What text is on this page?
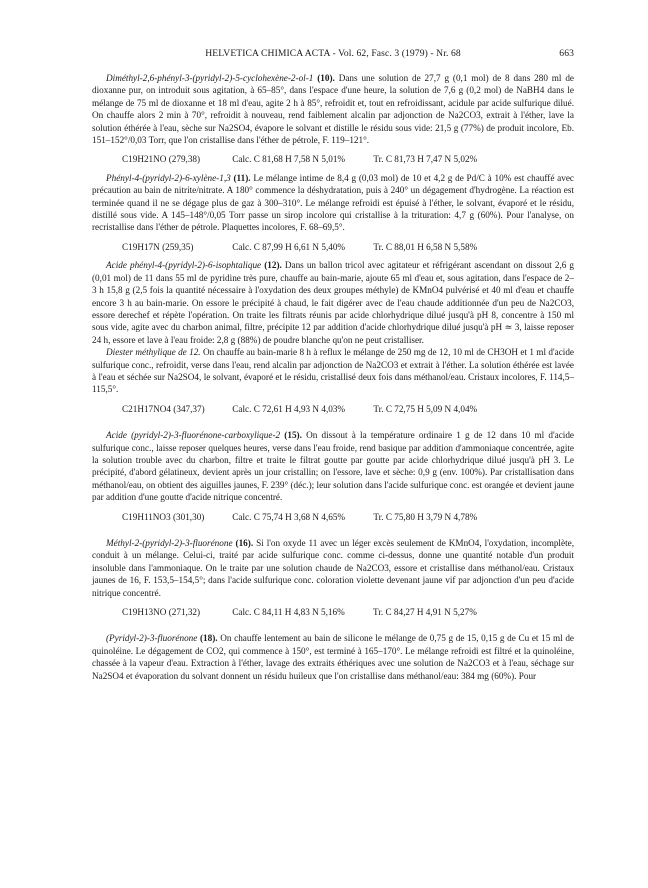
HELVETICA CHIMICA ACTA - Vol. 62, Fasc. 3 (1979) - Nr. 68	663

Diméthyl-2,6-phényl-3-(pyridyl-2)-5-cyclohexène-2-ol-1 (10). Dans une solution de 27,7 g (0,1 mol) de 8 dans 280 ml de dioxanne pur, on introduit sous agitation, à 65–85°, dans l'espace d'une heure, la solution de 7,6 g (0,2 mol) de NaBH4 dans le mélange de 75 ml de dioxanne et 18 ml d'eau, agite 2 h à 85°, refroidit et, tout en refroidissant, acidule par acide sulfurique dilué. On chauffe alors 2 min à 70°, refroidit à nouveau, rend faiblement alcalin par adjonction de Na2CO3, extrait à l'éther, lave la solution éthérée à l'eau, sèche sur Na2SO4, évapore le solvant et distille le résidu sous vide: 21,5 g (77%) de produit incolore, Eb. 151–152°/0,03 Torr, que l'on cristallise dans l'éther de pétrole, F. 119–121°.

C19H21NO (279,38)	Calc. C 81,68 H 7,58 N 5,01%	Tr. C 81,73 H 7,47 N 5,02%

Phényl-4-(pyridyl-2)-6-xylène-1,3 (11). Le mélange intime de 8,4 g (0,03 mol) de 10 et 4,2 g de Pd/C à 10% est chauffé avec précaution au bain de nitrite/nitrate. A 180° commence la déshydratation, puis à 240° un dégagement d'hydrogène. La réaction est terminée quand il ne se dégage plus de gaz à 300–310°. Le mélange refroidi est épuisé à l'éther, le solvant, évaporé et le résidu, distillé sous vide. A 145–148°/0,05 Torr passe un sirop incolore qui cristallise à la trituration: 4,7 g (60%). Pour l'analyse, on recristallise dans l'éther de pétrole. Plaquettes incolores, F. 68–69,5°.

C19H17N (259,35)	Calc. C 87,99 H 6,61 N 5,40%	Tr. C 88,01 H 6,58 N 5,58%

Acide phényl-4-(pyridyl-2)-6-isophtalique (12). Dans un ballon tricol avec agitateur et réfrigérant ascendant on dissout 2,6 g (0,01 mol) de 11 dans 55 ml de pyridine très pure, chauffe au bain-marie, ajoute 65 ml d'eau et, sous agitation, dans l'espace de 2–3 h 15,8 g (2,5 fois la quantité nécessaire à l'oxydation des deux groupes méthyle) de KMnO4 pulvérisé et 40 ml d'eau et chauffe encore 3 h au bain-marie. On essore le précipité à chaud, le fait digérer avec de l'eau chaude additionnée d'un peu de Na2CO3, essore derechef et répète l'opération. On traite les filtrats réunis par acide chlorhydrique dilué jusqu'à pH 8, concentre à 150 ml sous vide, agite avec du charbon animal, filtre, précipite 12 par addition d'acide chlorhydrique dilué jusqu'à pH ≃ 3, laisse reposer 24 h, essore et lave à l'eau froide: 2,8 g (88%) de poudre blanche qu'on ne peut cristalliser.

Diester méthylique de 12. On chauffe au bain-marie 8 h à reflux le mélange de 250 mg de 12, 10 ml de CH3OH et 1 ml d'acide sulfurique conc., refroidit, verse dans l'eau, rend alcalin par adjonction de Na2CO3 et extrait à l'éther. La solution éthérée est lavée à l'eau et séchée sur Na2SO4, le solvant, évaporé et le résidu, cristallisé deux fois dans méthanol/eau. Cristaux incolores, F. 114,5–115,5°.

C21H17NO4 (347,37)	Calc. C 72,61 H 4,93 N 4,03%	Tr. C 72,75 H 5,09 N 4,04%

Acide (pyridyl-2)-3-fluorénone-carboxylique-2 (15). On dissout à la température ordinaire 1 g de 12 dans 10 ml d'acide sulfurique conc., laisse reposer quelques heures, verse dans l'eau froide, rend basique par addition d'ammoniaque concentrée, agite la solution trouble avec du charbon, filtre et traite le filtrat goutte par goutte par acide chlorhydrique dilué jusqu'à pH 3. Le précipité, d'abord gélatineux, devient après un jour cristallin; on l'essore, lave et sèche: 0,9 g (env. 100%). Par cristallisation dans méthanol/eau, on obtient des aiguilles jaunes, F. 239° (déc.); leur solution dans l'acide sulfurique conc. est orangée et devient jaune par addition d'une goutte d'acide nitrique concentré.

C19H11NO3 (301,30)	Calc. C 75,74 H 3,68 N 4,65%	Tr. C 75,80 H 3,79 N 4,78%

Méthyl-2-(pyridyl-2)-3-fluorénone (16). Si l'on oxyde 11 avec un léger excès seulement de KMnO4, l'oxydation, incomplète, conduit à un mélange. Celui-ci, traité par acide sulfurique conc. comme ci-dessus, donne une quantité notable d'un produit insoluble dans l'ammoniaque. On le traite par une solution chaude de Na2CO3, essore et cristallise dans méthanol/eau. Cristaux jaunes de 16, F. 153,5–154,5°; dans l'acide sulfurique conc. coloration violette devenant jaune vif par adjonction d'un peu d'acide nitrique concentré.

C19H13NO (271,32)	Calc. C 84,11 H 4,83 N 5,16%	Tr. C 84,27 H 4,91 N 5,27%

(Pyridyl-2)-3-fluorénone (18). On chauffe lentement au bain de silicone le mélange de 0,75 g de 15, 0,15 g de Cu et 15 ml de quinoléine. Le dégagement de CO2, qui commence à 150°, est terminé à 165–170°. Le mélange refroidi est filtré et la quinoléine, chassée à la vapeur d'eau. Extraction à l'éther, lavage des extraits éthériques avec une solution de Na2CO3 et à l'eau, séchage sur Na2SO4 et évaporation du solvant donnent un résidu huileux que l'on cristallise dans méthanol/eau: 384 mg (60%). Pour
